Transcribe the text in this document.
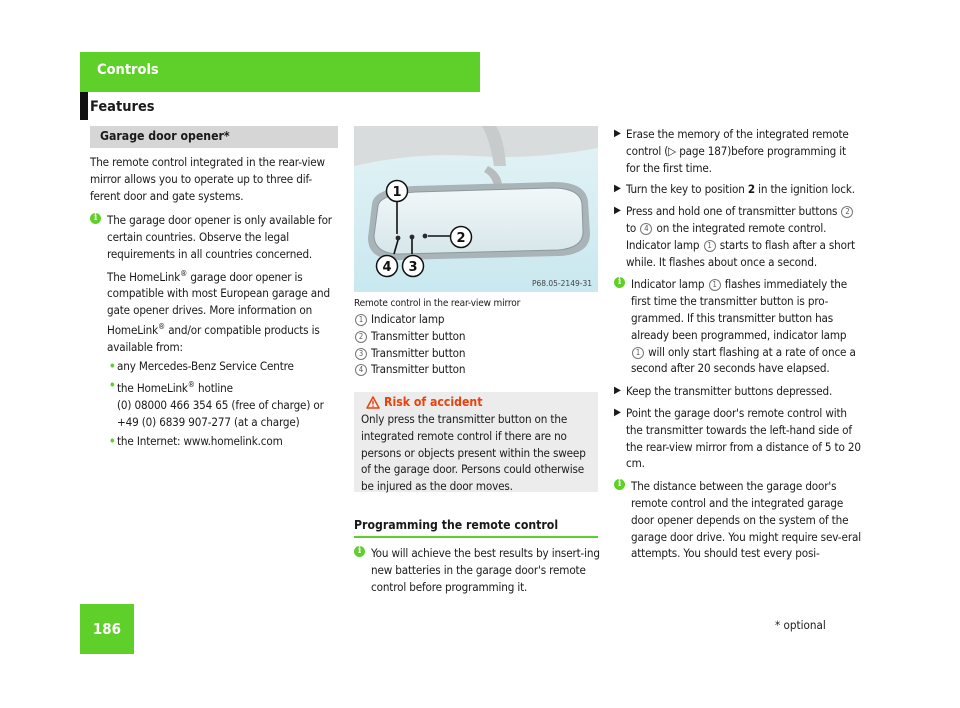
Controls
Features
Garage door opener*
The remote control integrated in the rear-view mirror allows you to operate up to three dif-ferent door and gate systems.
i The garage door opener is only available for certain countries. Observe the legal requirements in all countries concerned.
The HomeLink® garage door opener is compatible with most European garage and gate opener drives. More information on HomeLink® and/or compatible products is available from:
• any Mercedes-Benz Service Centre
• the HomeLink® hotline
(0) 08000 466 354 65 (free of charge) or
+49 (0) 6839 907-277 (at a charge)
• the Internet: www.homelink.com
1
2
3
4
P68.05-2149-31
Remote control in the rear-view mirror
1 Indicator lamp
2 Transmitter button
3 Transmitter button
4 Transmitter button
Risk of accident
Only press the transmitter button on the integrated remote control if there are no persons or objects present within the sweep of the garage door. Persons could otherwise be injured as the door moves.
Programming the remote control
i You will achieve the best results by insert-ing new batteries in the garage door's remote control before programming it.
▶ Erase the memory of the integrated remote control (▷ page 187)before programming it for the first time.
▶ Turn the key to position 2 in the ignition lock.
▶ Press and hold one of transmitter buttons 2 to 4 on the integrated remote control.
Indicator lamp 1 starts to flash after a short while. It flashes about once a second.
i Indicator lamp 1 flashes immediately the first time the transmitter button is pro-grammed. If this transmitter button has already been programmed, indicator lamp 1 will only start flashing at a rate of once a second after 20 seconds have elapsed.
▶ Keep the transmitter buttons depressed.
▶ Point the garage door's remote control with the transmitter towards the left-hand side of the rear-view mirror from a distance of 5 to 20 cm.
i The distance between the garage door's remote control and the integrated garage door opener depends on the system of the garage door drive. You might require sev-eral attempts. You should test every posi-
186	* optional
